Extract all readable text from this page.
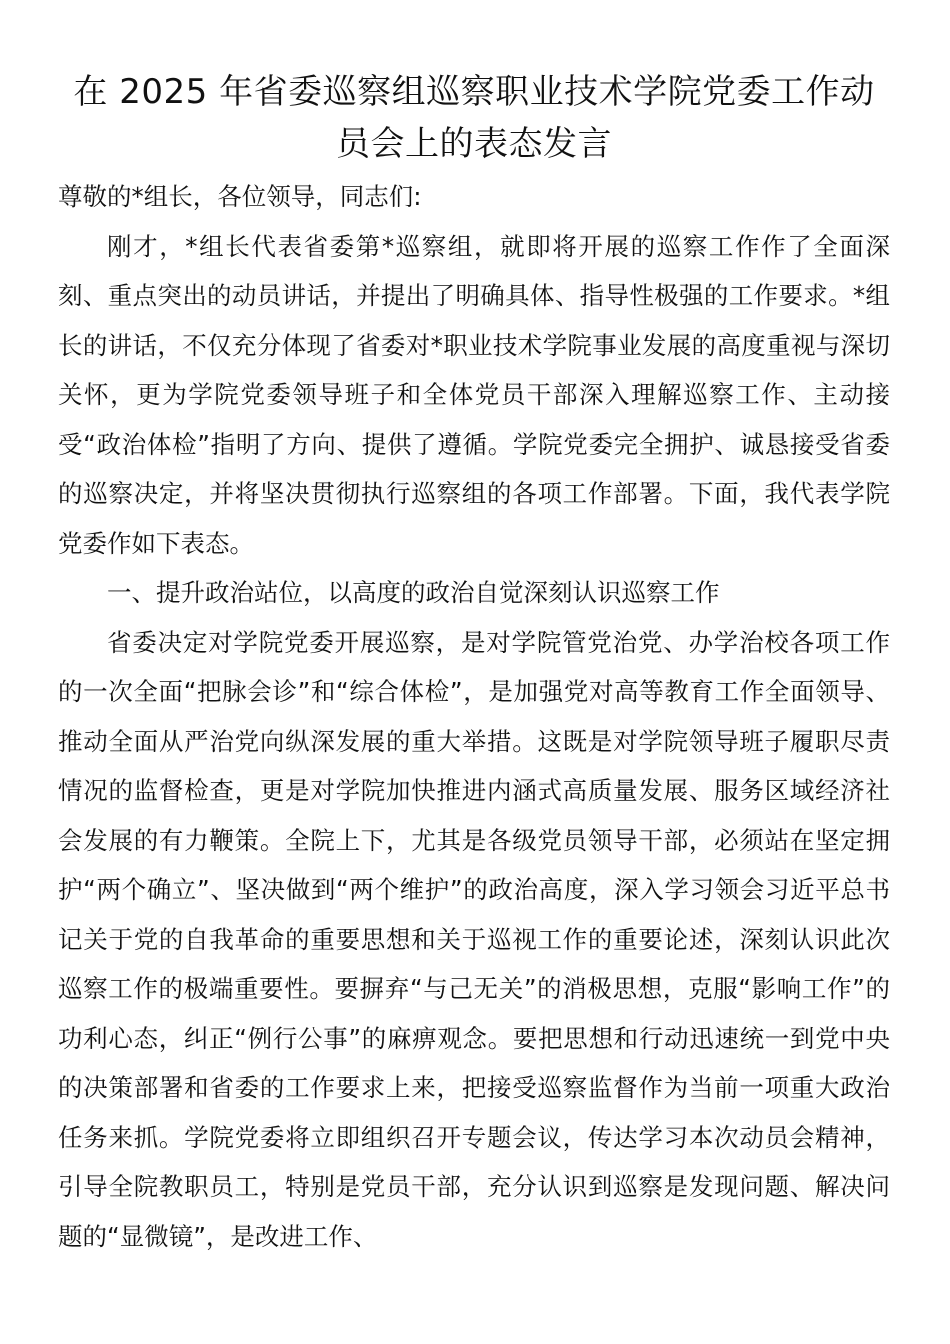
在 2025 年省委巡察组巡察职业技术学院党委工作动员会上的表态发言

尊敬的*组长，各位领导，同志们:

刚才，*组长代表省委第*巡察组，就即将开展的巡察工作作了全面深刻、重点突出的动员讲话，并提出了明确具体、指导性极强的工作要求。*组长的讲话，不仅充分体现了省委对*职业技术学院事业发展的高度重视与深切关怀，更为学院党委领导班子和全体党员干部深入理解巡察工作、主动接受“政治体检”指明了方向、提供了遵循。学院党委完全拥护、诚恳接受省委的巡察决定，并将坚决贯彻执行巡察组的各项工作部署。下面，我代表学院党委作如下表态。

一、提升政治站位，以高度的政治自觉深刻认识巡察工作

省委决定对学院党委开展巡察，是对学院管党治党、办学治校各项工作的一次全面“把脉会诊”和“综合体检”，是加强党对高等教育工作全面领导、推动全面从严治党向纵深发展的重大举措。这既是对学院领导班子履职尽责情况的监督检查，更是对学院加快推进内涵式高质量发展、服务区域经济社会发展的有力鞭策。全院上下，尤其是各级党员领导干部，必须站在坚定拥护“两个确立”、坚决做到“两个维护”的政治高度，深入学习领会习近平总书记关于党的自我革命的重要思想和关于巡视工作的重要论述，深刻认识此次巡察工作的极端重要性。要摒弃“与己无关”的消极思想，克服“影响工作”的功利心态，纠正“例行公事”的麻痹观念。要把思想和行动迅速统一到党中央的决策部署和省委的工作要求上来，把接受巡察监督作为当前一项重大政治任务来抓。学院党委将立即组织召开专题会议，传达学习本次动员会精神，引导全院教职员工，特别是党员干部，充分认识到巡察是发现问题、解决问题的“显微镜”，是改进工作、
